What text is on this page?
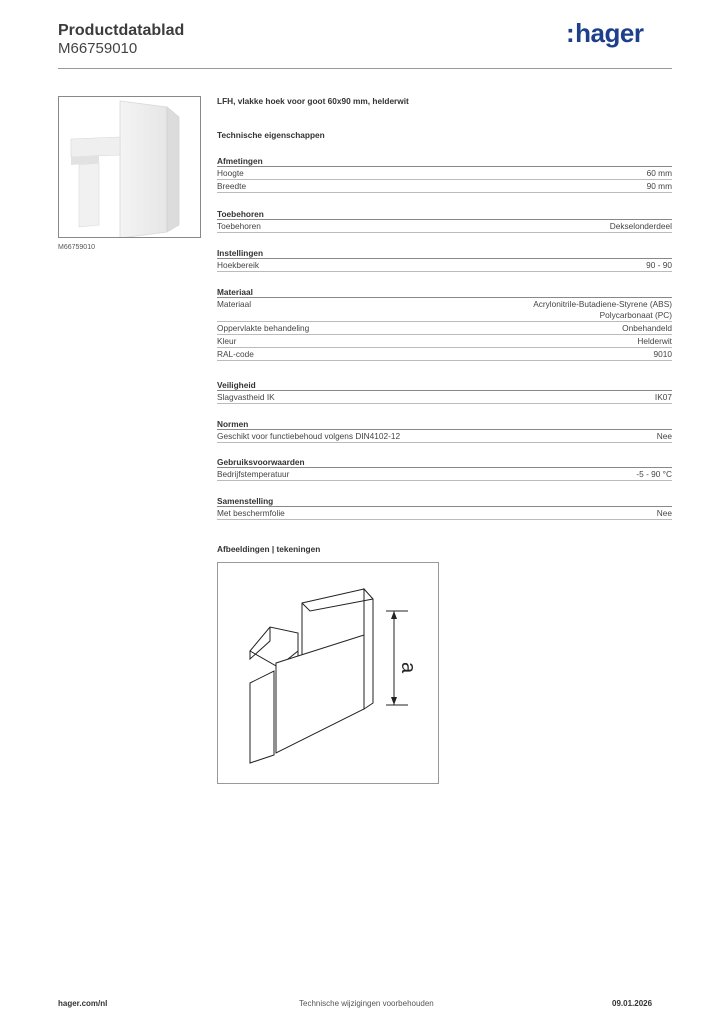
Productdatablad
M66759010
:hager
M66759010
LFH, vlakke hoek voor goot 60x90 mm, helderwit
Technische eigenschappen
Afmetingen
Hoogte	60 mm
Breedte	90 mm
Toebehoren
Toebehoren	Dekselonderdeel
Instellingen
Hoekbereik	90 - 90
Materiaal
Materiaal	Acrylonitrile-Butadiene-Styrene (ABS)
Polycarbonaat (PC)
Oppervlakte behandeling	Onbehandeld
Kleur	Helderwit
RAL-code	9010
Veiligheid
Slagvastheid IK	IK07
Normen
Geschikt voor functiebehoud volgens DIN4102-12	Nee
Gebruiksvoorwaarden
Bedrijfstemperatuur	-5 - 90 °C
Samenstelling
Met beschermfolie	Nee
Afbeeldingen | tekeningen
a
hager.com/nl	Technische wijzigingen voorbehouden	09.01.2026
